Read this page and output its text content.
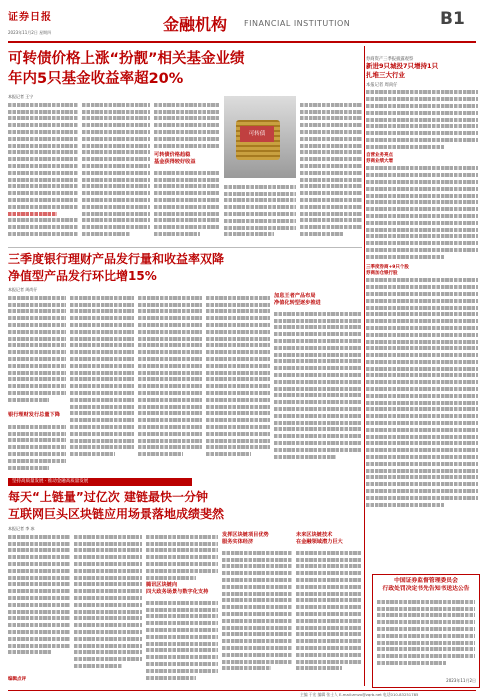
证券日报
2023年11月2日 星期四	金融机构 FINANCIAL INSTITUTION	B1
可转债价格上涨“扮靓”相关基金业绩
年内5只基金收益率超20%
本报记者 王宁
可转债价格趋稳
基金获得较好收益
可转债
三季度银行理财产品发行量和收益率双降
净值型产品发行环比增15%
本报记者 周尚仔
银行理财发行总量下降
加息王者产品布局
净值化转型逐步推进
坚持高质量发展 · 推动金融高质量发展
每天“上链量”过亿次 建链最快一分钟
互联网巨头区块链应用场景落地成绩斐然
本报记者 李 冰
编辑点评
腾讯区块链向
四大政务场景与数字化支持
发挥区块链项目优势
服务实体经济
未来区块链技术
在金融领域潜力巨大
券商资产三季报披露观察
新进9只城投7只增持1只
扎堆三大行业
本报记者 周尚仔
自营业务亮点
券商业绩大增
三季度券商+9只个股
券商加仓银行股
中国证券监督管理委员会
行政处罚决定书先告知书送达公告
2023年11月2日
主编 于宏 编辑 张士人 E-mail:zmzx@zqrb.net 电话010-83251785
